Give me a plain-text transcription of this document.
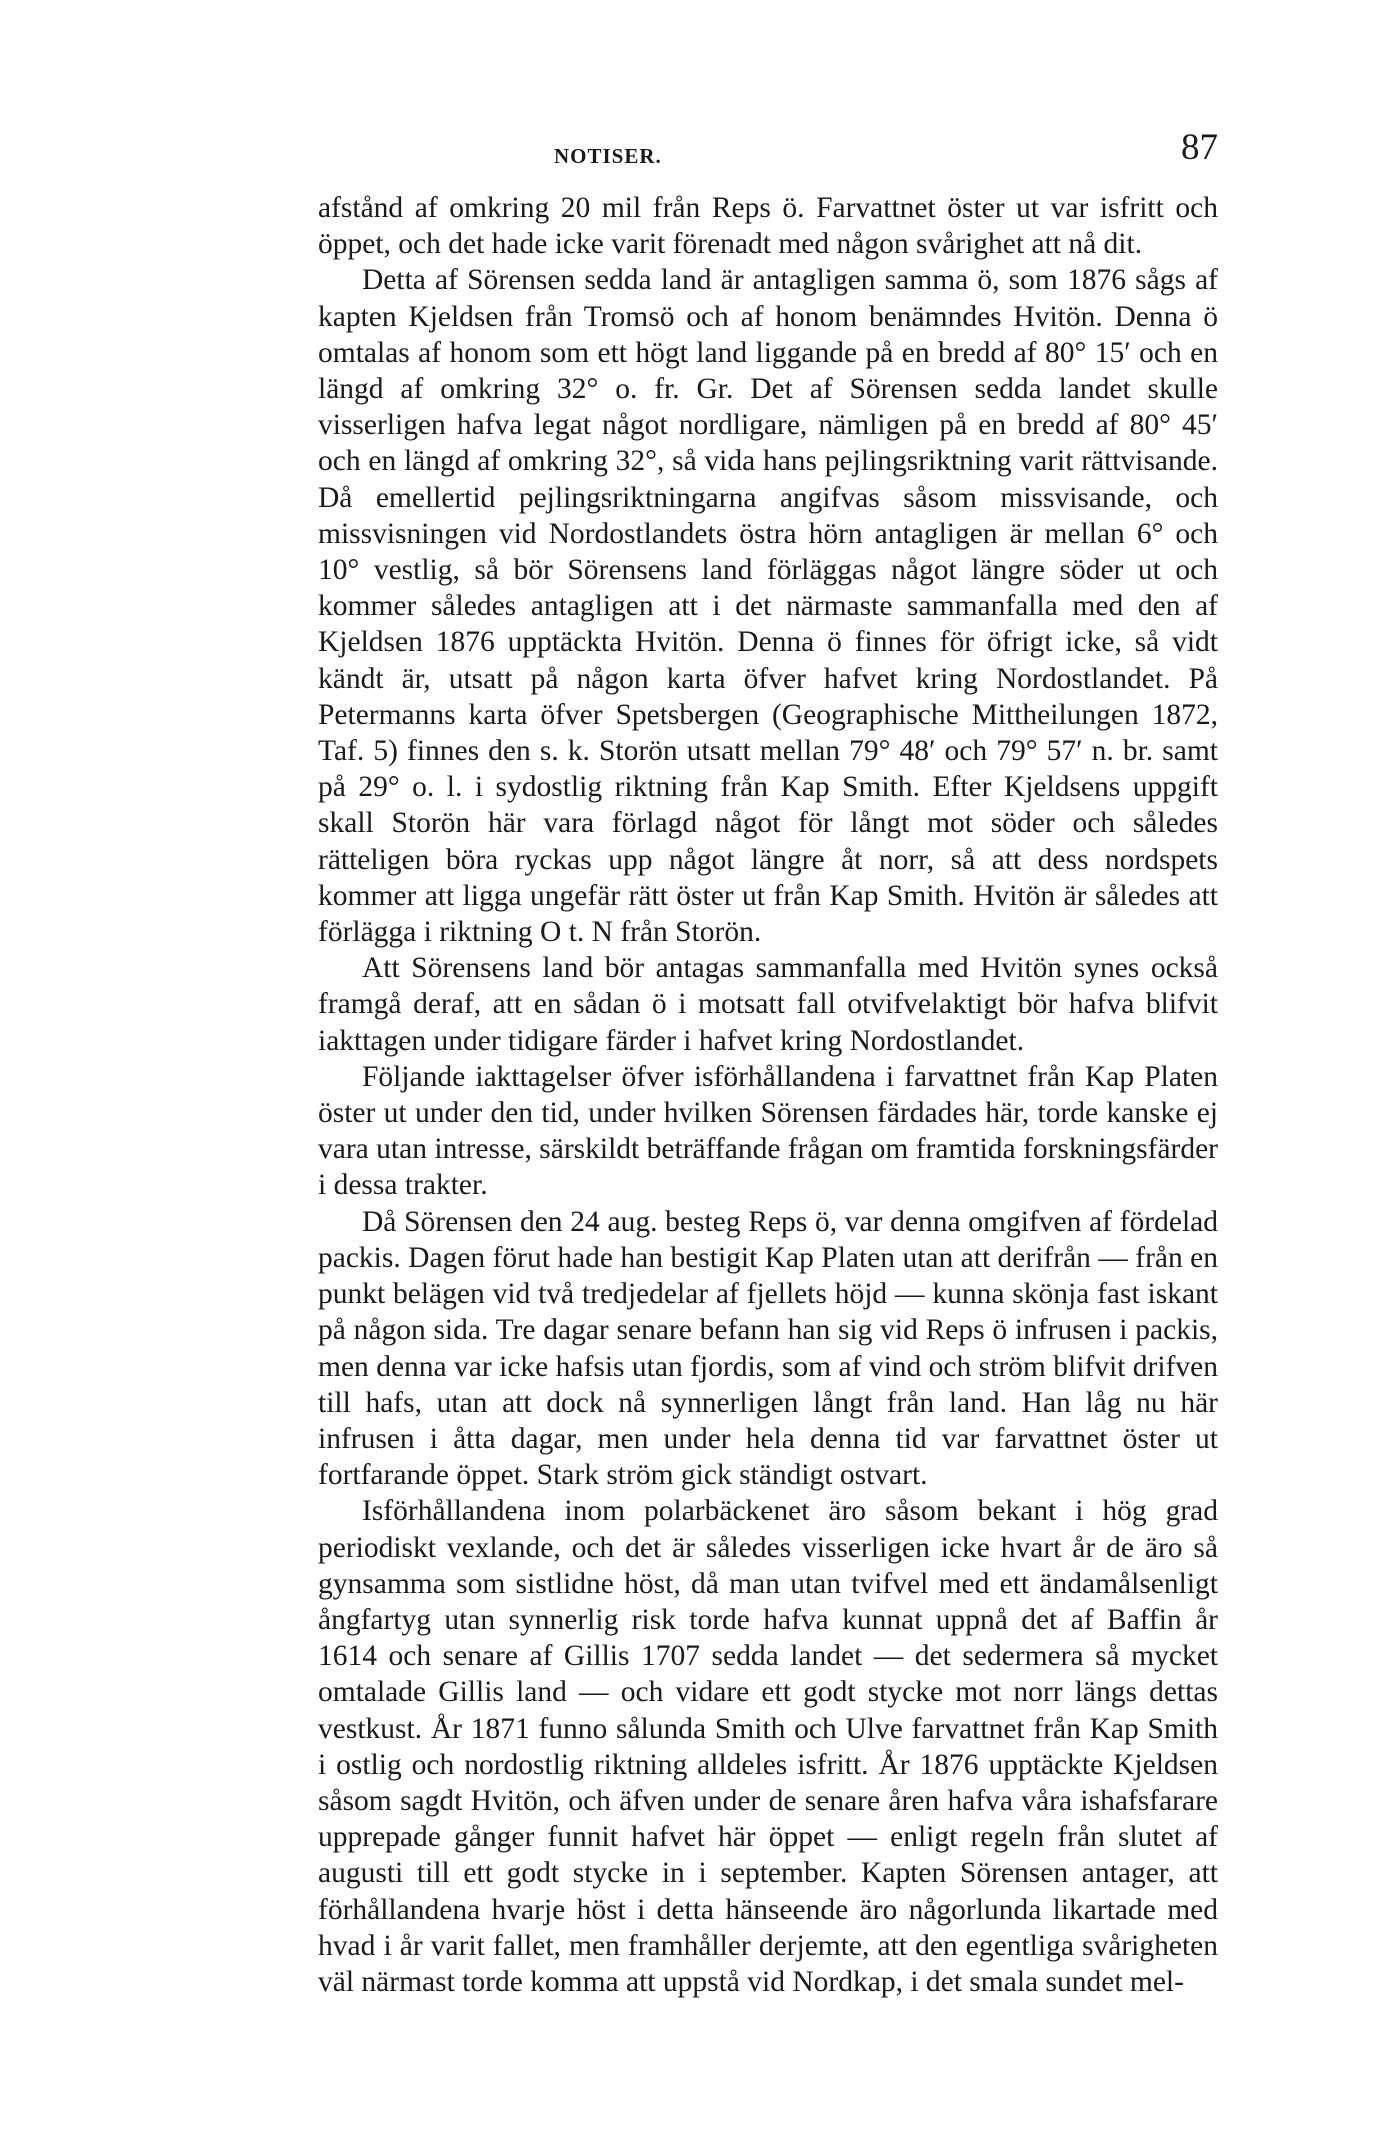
NOTISER.	87

afstånd af omkring 20 mil från Reps ö. Farvattnet öster ut var isfritt och öppet, och det hade icke varit förenadt med någon svårighet att nå dit.

Detta af Sörensen sedda land är antagligen samma ö, som 1876 sågs af kapten Kjeldsen från Tromsö och af honom benämndes Hvitön. Denna ö omtalas af honom som ett högt land liggande på en bredd af 80° 15′ och en längd af omkring 32° o. fr. Gr. Det af Sörensen sedda landet skulle visserligen hafva legat något nordligare, nämligen på en bredd af 80° 45′ och en längd af omkring 32°, så vida hans pejlingsriktning varit rättvisande. Då emellertid pejlingsriktningarna angifvas såsom missvisande, och missvisningen vid Nordostlandets östra hörn antagligen är mellan 6° och 10° vestlig, så bör Sörensens land förläggas något längre söder ut och kommer således antagligen att i det närmaste sammanfalla med den af Kjeldsen 1876 upptäckta Hvitön. Denna ö finnes för öfrigt icke, så vidt kändt är, utsatt på någon karta öfver hafvet kring Nordostlandet. På Petermanns karta öfver Spetsbergen (Geographische Mittheilungen 1872, Taf. 5) finnes den s. k. Storön utsatt mellan 79° 48′ och 79° 57′ n. br. samt på 29° o. l. i sydostlig riktning från Kap Smith. Efter Kjeldsens uppgift skall Storön här vara förlagd något för långt mot söder och således rätteligen böra ryckas upp något längre åt norr, så att dess nordspets kommer att ligga ungefär rätt öster ut från Kap Smith. Hvitön är således att förlägga i riktning O t. N från Storön.

Att Sörensens land bör antagas sammanfalla med Hvitön synes också framgå deraf, att en sådan ö i motsatt fall otvifvelaktigt bör hafva blifvit iakttagen under tidigare färder i hafvet kring Nordostlandet.

Följande iakttagelser öfver isförhållandena i farvattnet från Kap Platen öster ut under den tid, under hvilken Sörensen färdades här, torde kanske ej vara utan intresse, särskildt beträffande frågan om framtida forskningsfärder i dessa trakter.

Då Sörensen den 24 aug. besteg Reps ö, var denna omgifven af fördelad packis. Dagen förut hade han bestigit Kap Platen utan att derifrån — från en punkt belägen vid två tredjedelar af fjellets höjd — kunna skönja fast iskant på någon sida. Tre dagar senare befann han sig vid Reps ö infrusen i packis, men denna var icke hafsis utan fjordis, som af vind och ström blifvit drifven till hafs, utan att dock nå synnerligen långt från land. Han låg nu här infrusen i åtta dagar, men under hela denna tid var farvattnet öster ut fortfarande öppet. Stark ström gick ständigt ostvart.

Isförhållandena inom polarbäckenet äro såsom bekant i hög grad periodiskt vexlande, och det är således visserligen icke hvart år de äro så gynsamma som sistlidne höst, då man utan tvifvel med ett ändamålsenligt ångfartyg utan synnerlig risk torde hafva kunnat uppnå det af Baffin år 1614 och senare af Gillis 1707 sedda landet — det sedermera så mycket omtalade Gillis land — och vidare ett godt stycke mot norr längs dettas vestkust. År 1871 funno sålunda Smith och Ulve farvattnet från Kap Smith i ostlig och nordostlig riktning alldeles isfritt. År 1876 upptäckte Kjeldsen såsom sagdt Hvitön, och äfven under de senare åren hafva våra ishafsfarare upprepade gånger funnit hafvet här öppet — enligt regeln från slutet af augusti till ett godt stycke in i september. Kapten Sörensen antager, att förhållandena hvarje höst i detta hänseende äro någorlunda likartade med hvad i år varit fallet, men framhåller derjemte, att den egentliga svårigheten väl närmast torde komma att uppstå vid Nordkap, i det smala sundet mel-
